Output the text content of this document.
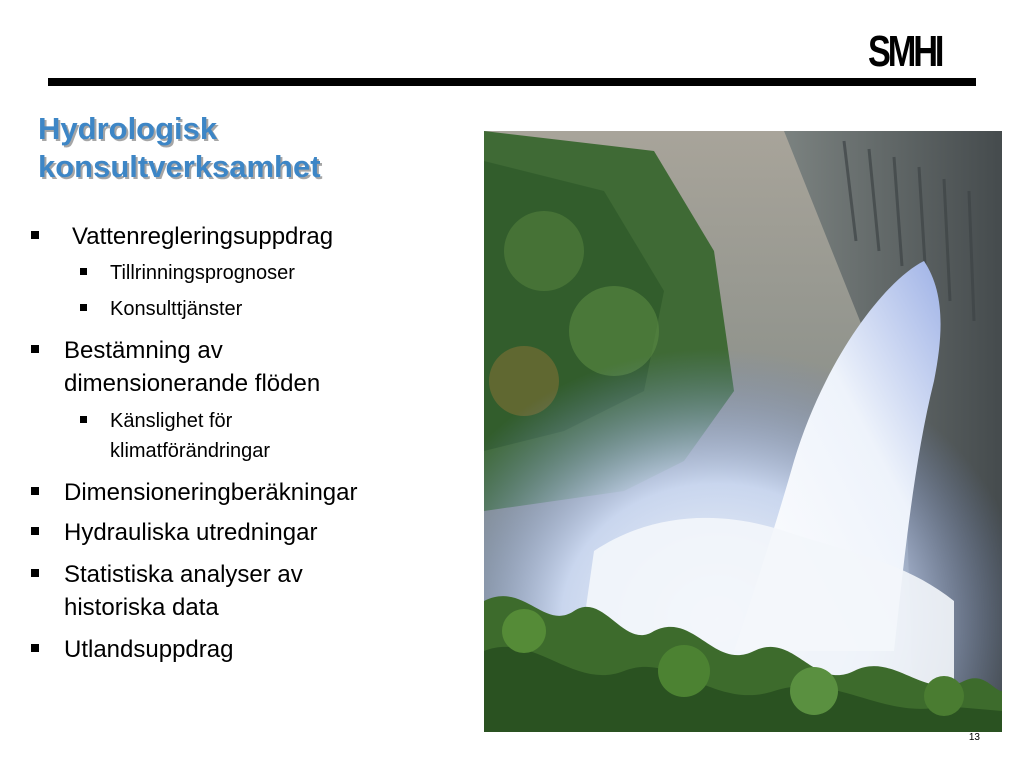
SMHI
Hydrologisk
konsultverksamhet
Vattenregleringsuppdrag
Tillrinningsprognoser
Konsulttjänster
Bestämning av
dimensionerande flöden
Känslighet för
klimatförändringar
Dimensioneringberäkningar
Hydrauliska utredningar
Statistiska analyser av
historiska data
Utlandsuppdrag
13
